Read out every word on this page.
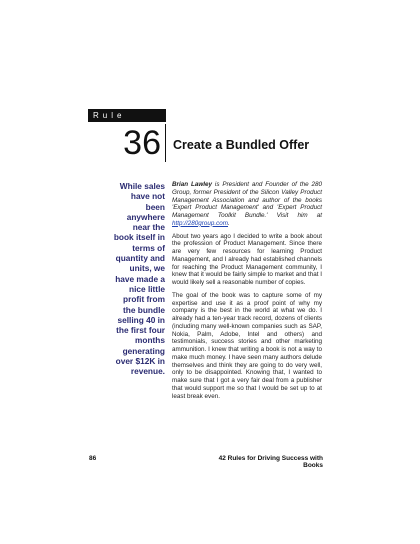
Rule
36 Create a Bundled Offer
While sales have not been anywhere near the book itself in terms of quantity and units, we have made a nice little profit from the bundle selling 40 in the first four months generating over $12K in revenue.

Brian Lawley is President and Founder of the 280 Group, former President of the Silicon Valley Product Management Association and author of the books 'Expert Product Management' and 'Expert Product Management Toolkit Bundle.' Visit him at http://280group.com.

About two years ago I decided to write a book about the profession of Product Management. Since there are very few resources for learning Product Management, and I already had established channels for reaching the Product Management community, I knew that it would be fairly simple to market and that I would likely sell a reasonable number of copies.

The goal of the book was to capture some of my expertise and use it as a proof point of why my company is the best in the world at what we do. I already had a ten-year track record, dozens of clients (including many well-known companies such as SAP, Nokia, Palm, Adobe, Intel and others) and testimonials, success stories and other marketing ammunition. I knew that writing a book is not a way to make much money. I have seen many authors delude themselves and think they are going to do very well, only to be disappointed. Knowing that, I wanted to make sure that I got a very fair deal from a publisher that would support me so that I would be set up to at least break even.

86	42 Rules for Driving Success with Books
